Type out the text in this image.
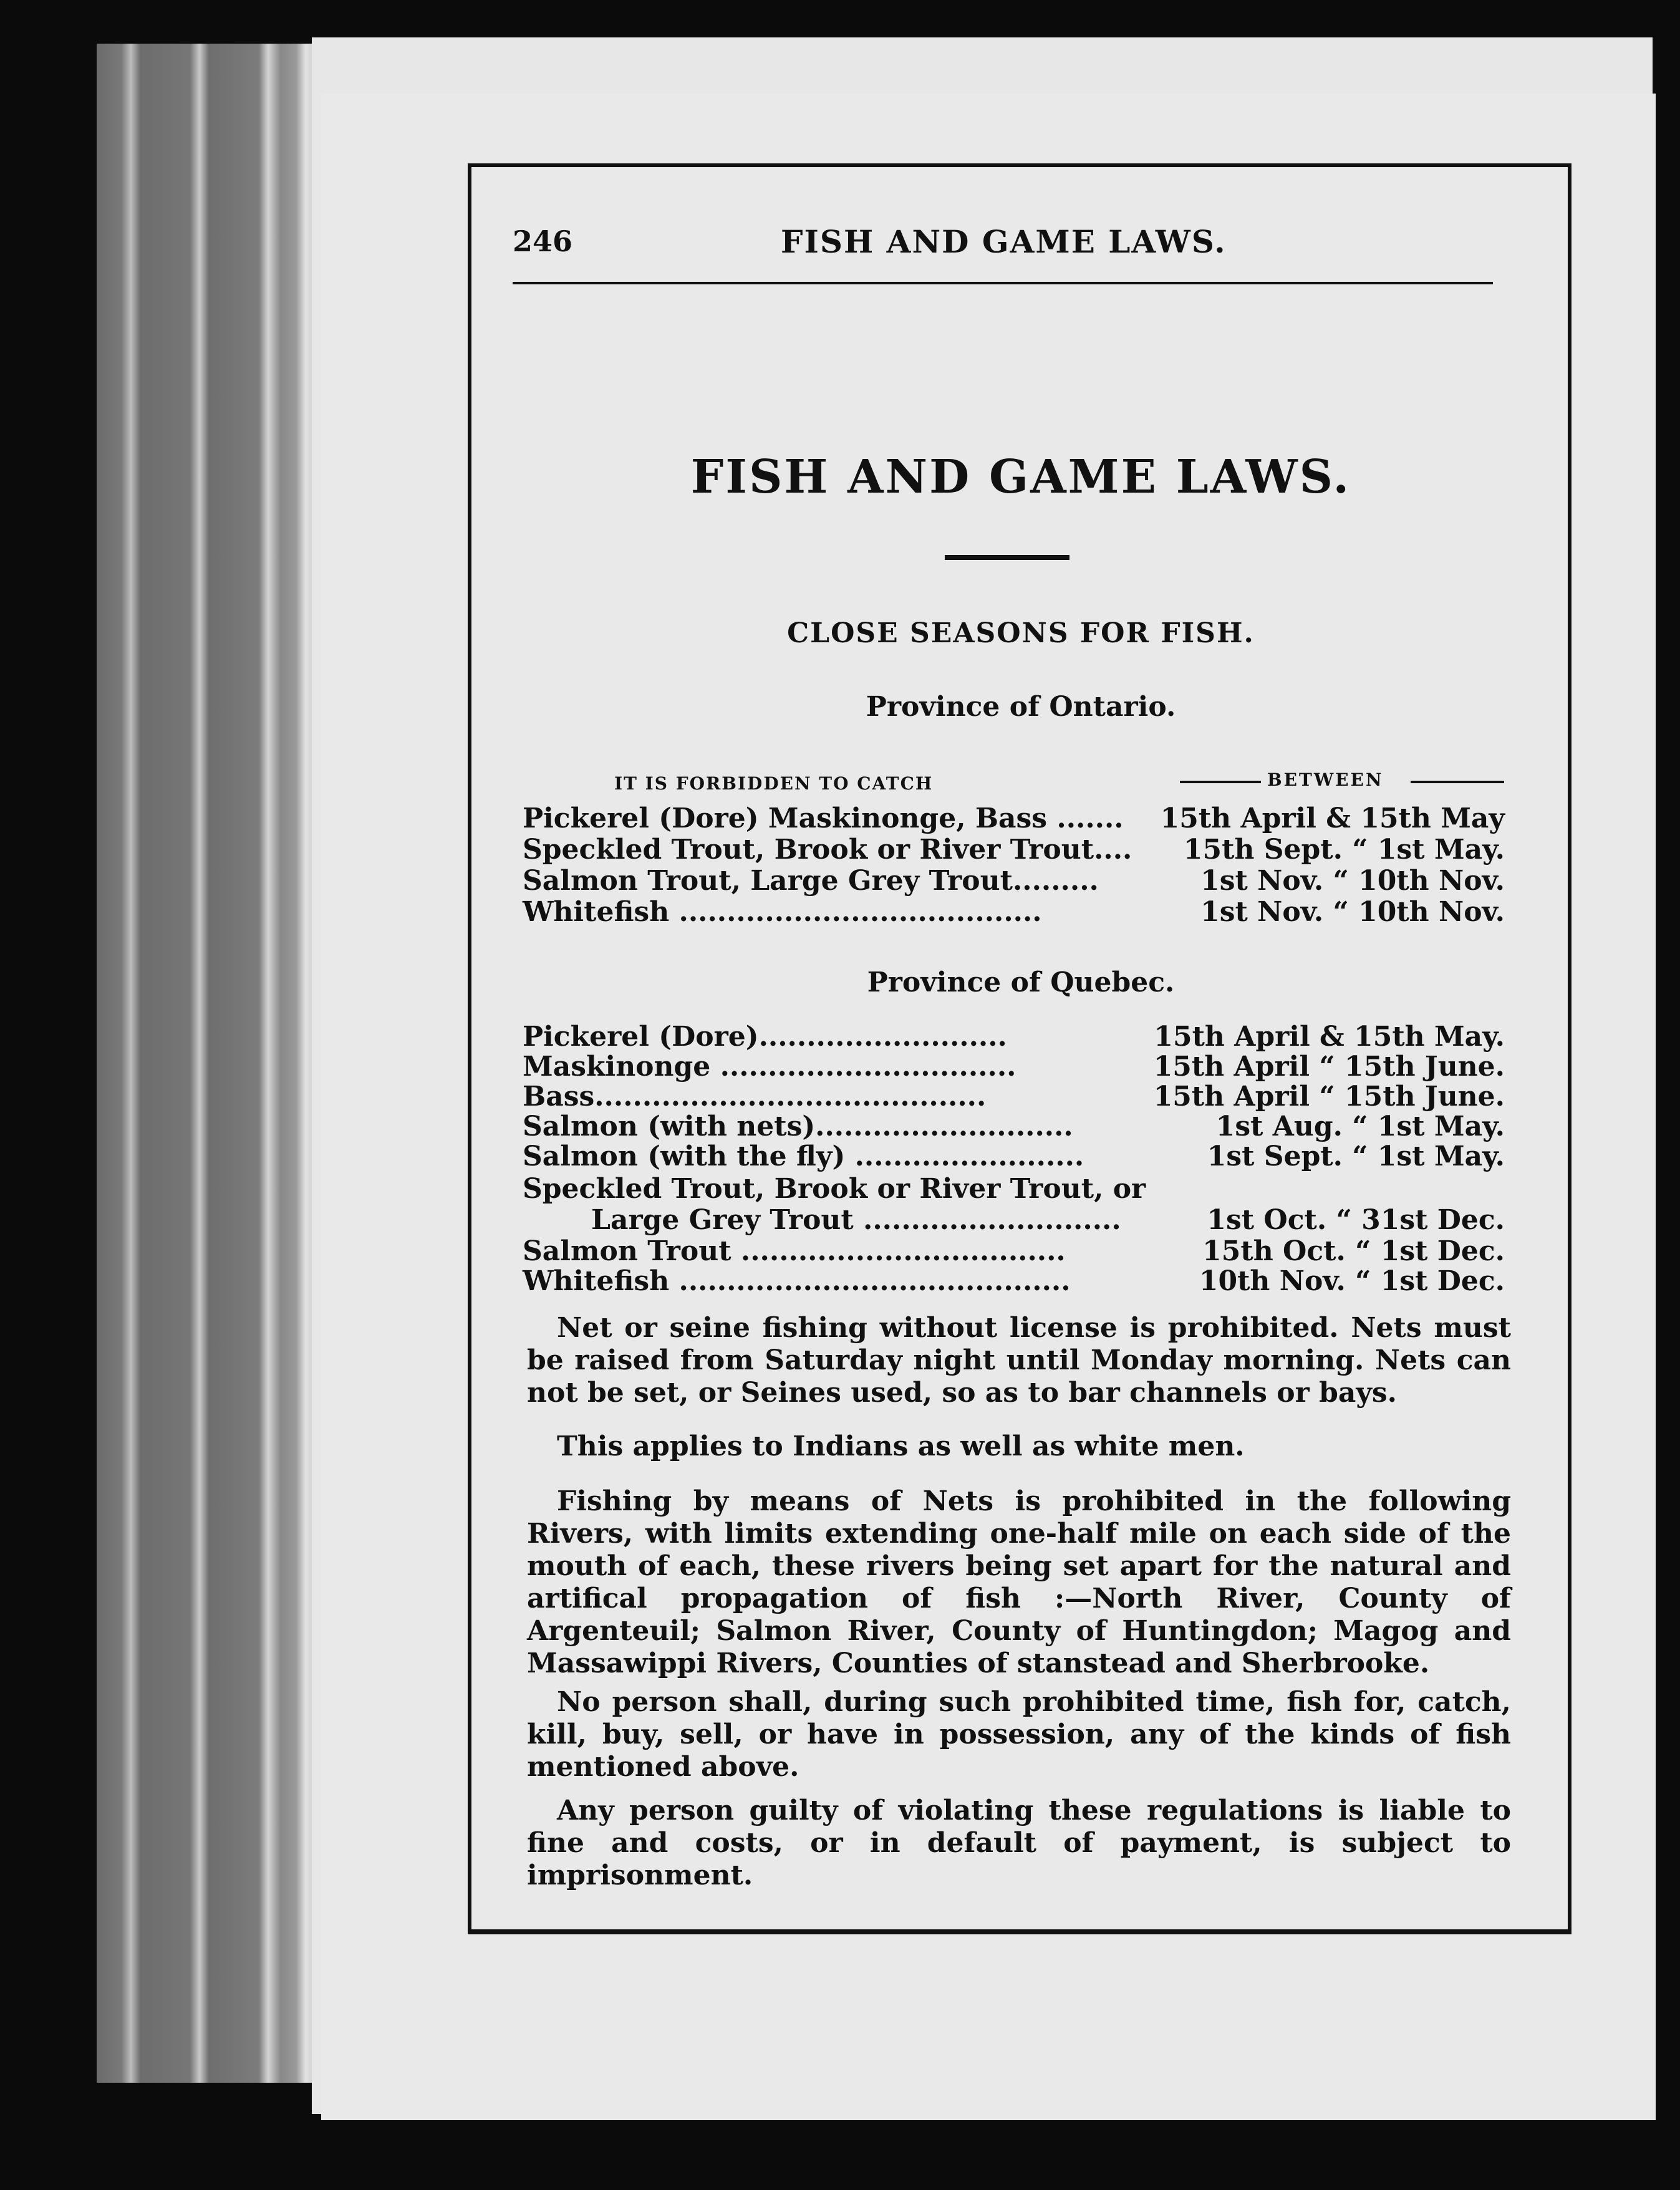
246	FISH AND GAME LAWS.
FISH AND GAME LAWS.
CLOSE SEASONS FOR FISH.
Province of Ontario.
IT IS FORBIDDEN TO CATCH	BETWEEN
Pickerel (Dore) Maskinonge, Bass ....... 15th April & 15th May
Speckled Trout, Brook or River Trout.... 15th Sept. “ 1st May.
Salmon Trout, Large Grey Trout.........	1st Nov. “ 10th Nov.
Whitefish ......................................	1st Nov. “ 10th Nov.
Province of Quebec.
Pickerel (Dore)..........................	15th April & 15th May.
Maskinonge ...............................	15th April “ 15th June.
Bass.........................................	15th April “ 15th June.
Salmon (with nets)...........................	1st Aug. “ 1st May.
Salmon (with the fly) ........................	1st Sept. “ 1st May.
Speckled Trout, Brook or River Trout, or
Large Grey Trout ...........................	1st Oct. “ 31st Dec.
Salmon Trout ..................................	15th Oct. “ 1st Dec.
Whitefish .........................................	10th Nov. “ 1st Dec.
Net or seine fishing without license is prohibited. Nets must be raised from Saturday night until Monday morning. Nets can not be set, or Seines used, so as to bar channels or bays.
This applies to Indians as well as white men.
Fishing by means of Nets is prohibited in the following Rivers, with limits extending one-half mile on each side of the mouth of each, these rivers being set apart for the natural and artifical propagation of fish :—North River, County of Argenteuil; Salmon River, County of Huntingdon; Magog and Massawippi Rivers, Counties of stanstead and Sherbrooke.
No person shall, during such prohibited time, fish for, catch, kill, buy, sell, or have in possession, any of the kinds of fish mentioned above.
Any person guilty of violating these regulations is liable to fine and costs, or in default of payment, is subject to imprisonment.
